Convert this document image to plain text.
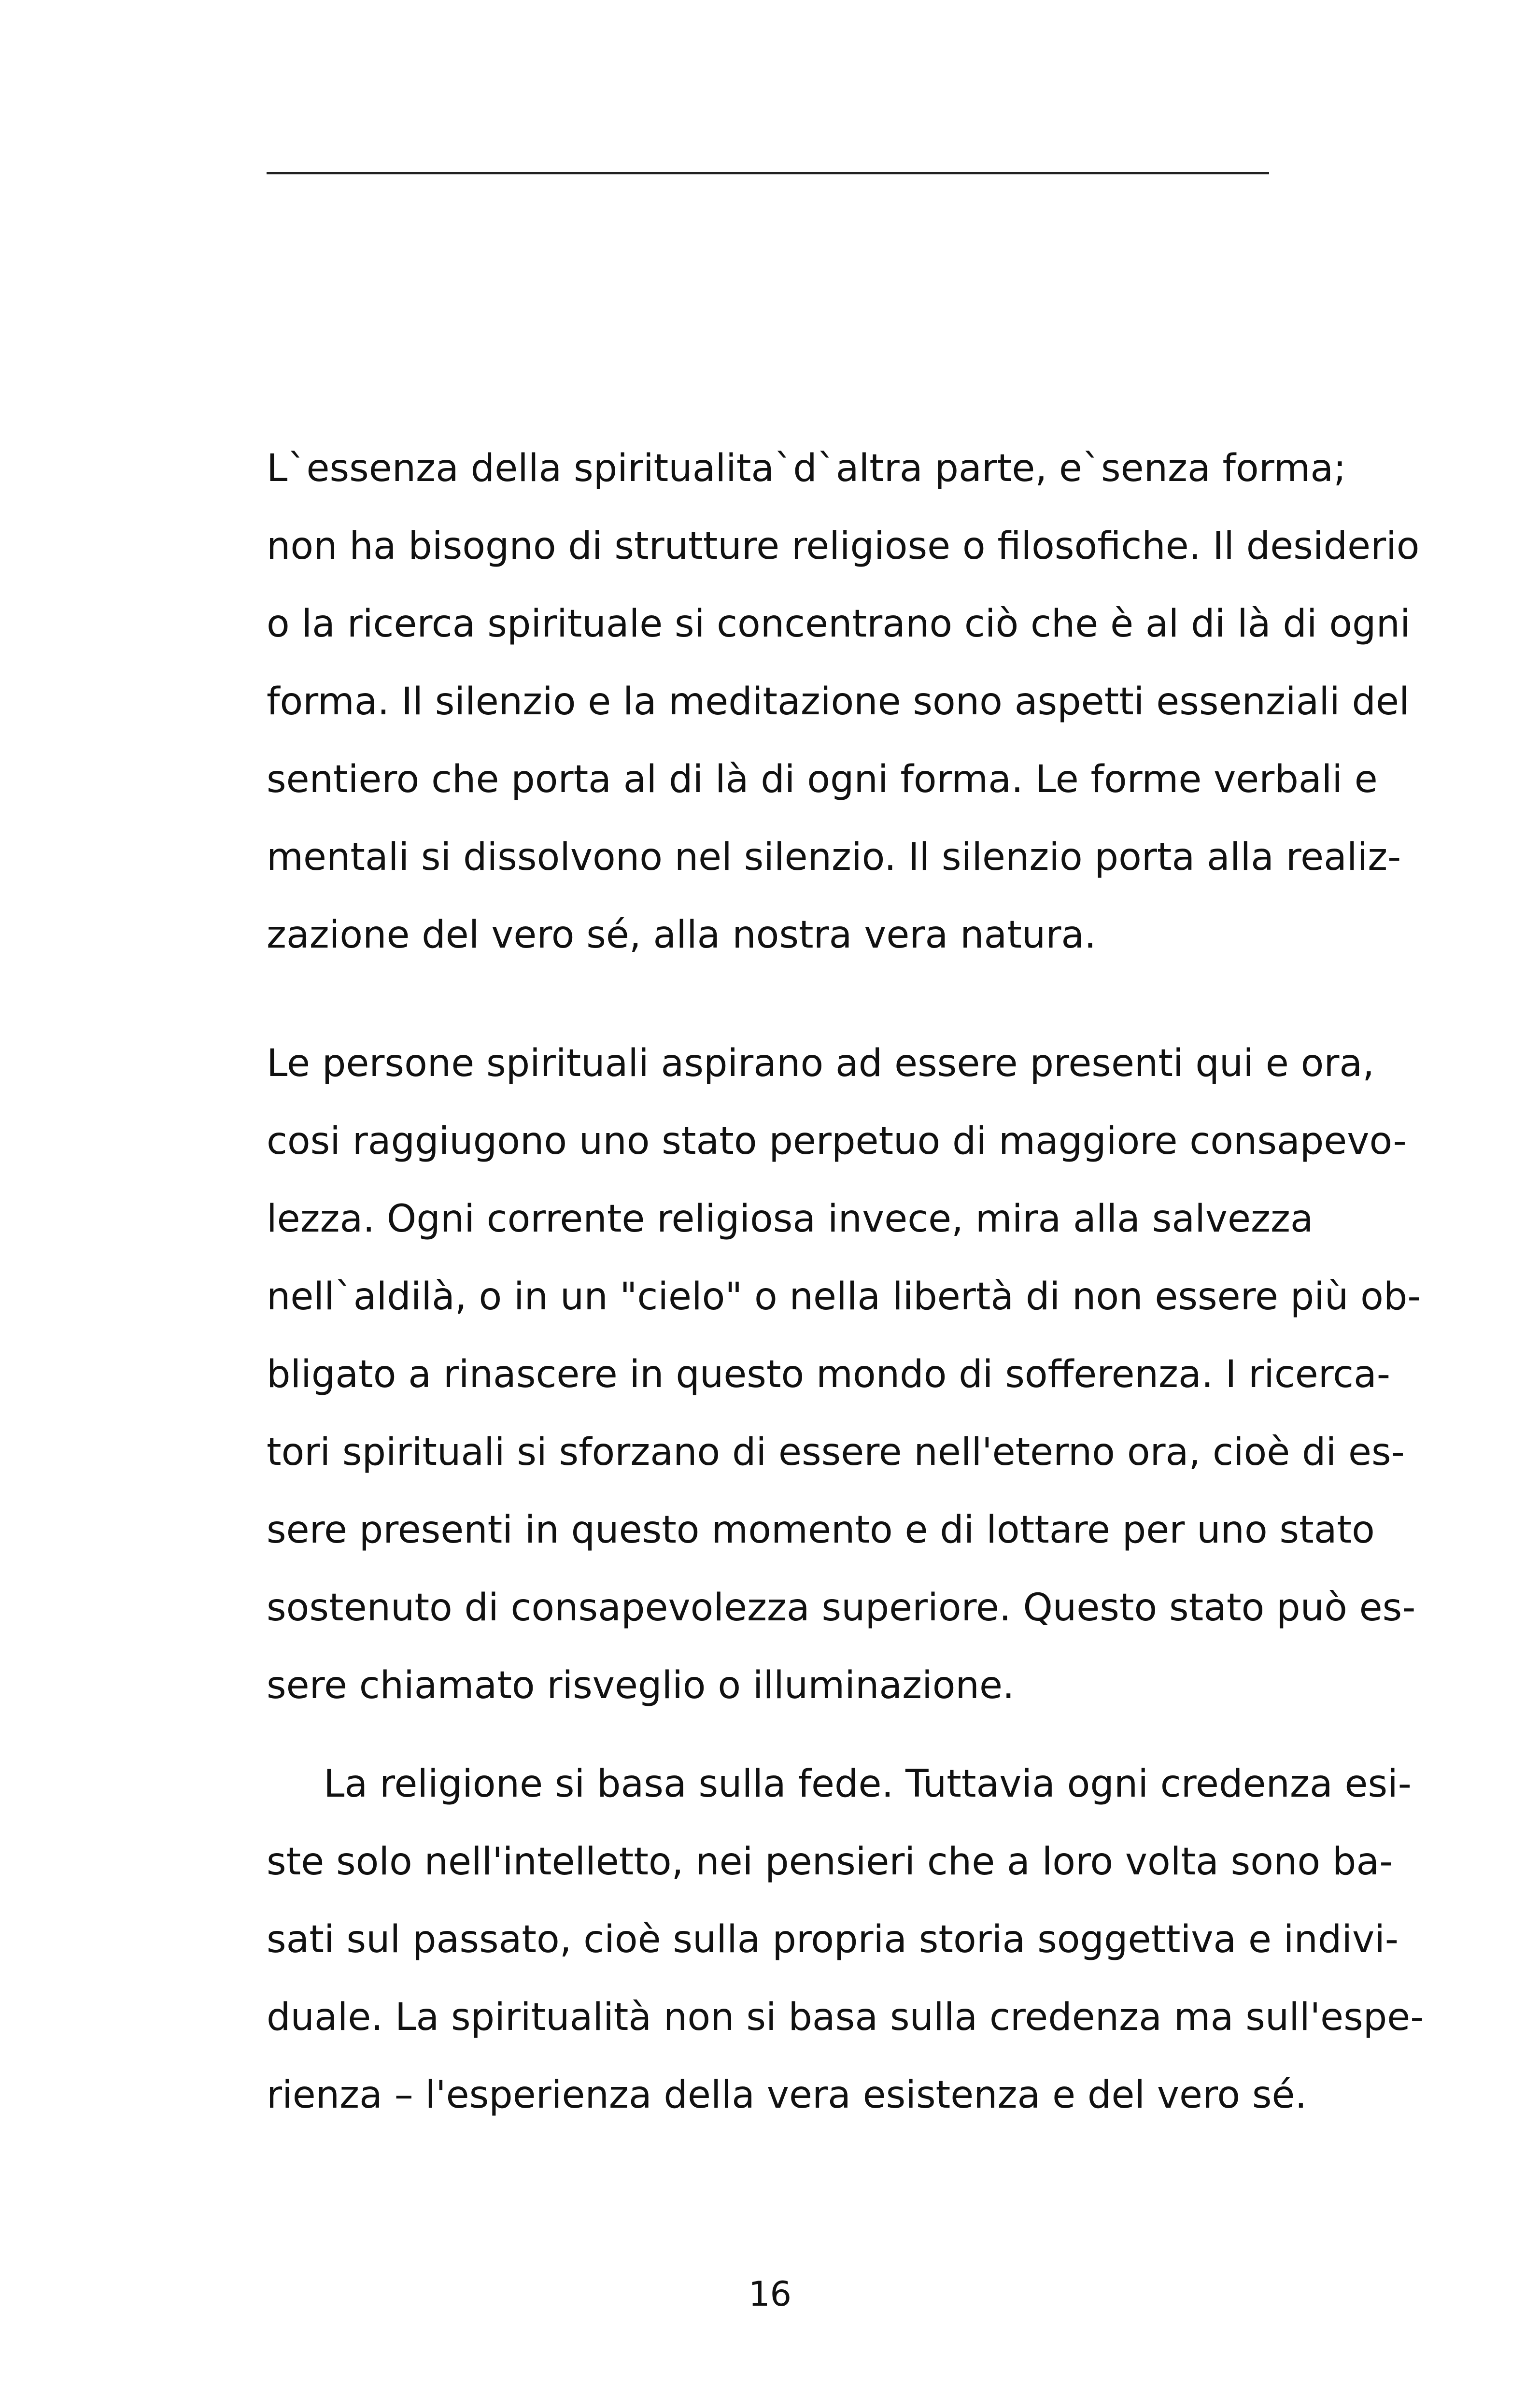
L`essenza della spiritualita`d`altra parte, e`senza forma;
non ha bisogno di strutture religiose o filosofiche. Il desiderio
o la ricerca spirituale si concentrano ciò che è al di là di ogni
forma. Il silenzio e la meditazione sono aspetti essenziali del
sentiero che porta al di là di ogni forma. Le forme verbali e
mentali si dissolvono nel silenzio. Il silenzio porta alla realiz-
zazione del vero sé, alla nostra vera natura.
Le persone spirituali aspirano ad essere presenti qui e ora,
cosi raggiugono uno stato perpetuo di maggiore consapevo-
lezza. Ogni corrente religiosa invece, mira alla salvezza
nell`aldilà, o in un "cielo" o nella libertà di non essere più ob-
bligato a rinascere in questo mondo di sofferenza. I ricerca-
tori spirituali si sforzano di essere nell'eterno ora, cioè di es-
sere presenti in questo momento e di lottare per uno stato
sostenuto di consapevolezza superiore. Questo stato può es-
sere chiamato risveglio o illuminazione.
La religione si basa sulla fede. Tuttavia ogni credenza esi-
ste solo nell'intelletto, nei pensieri che a loro volta sono ba-
sati sul passato, cioè sulla propria storia soggettiva e indivi-
duale. La spiritualità non si basa sulla credenza ma sull'espe-
rienza – l'esperienza della vera esistenza e del vero sé.
16
